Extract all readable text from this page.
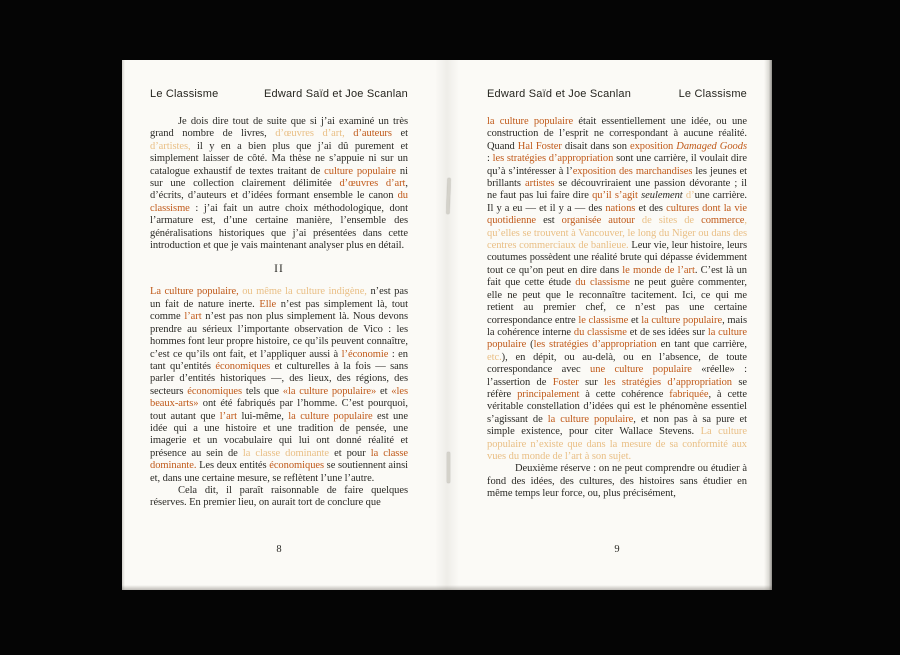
Le Classisme	Edward Saïd et Joe Scanlan

Je dois dire tout de suite que si j’ai examiné un très grand nombre de livres, d’œuvres d’art, d’auteurs et d’artistes, il y en a bien plus que j’ai dû purement et simplement laisser de côté. Ma thèse ne s’appuie ni sur un catalogue exhaustif de textes traitant de culture populaire ni sur une collection clairement délimitée d’œuvres d’art, d’écrits, d’auteurs et d’idées formant ensemble le canon du classisme : j’ai fait un autre choix méthodologique, dont l’armature est, d’une certaine manière, l’ensemble des généralisations historiques que j’ai présentées dans cette introduction et que je vais maintenant analyser plus en détail.

II

La culture populaire, ou même la culture indigène, n’est pas un fait de nature inerte. Elle n’est pas simplement là, tout comme l’art n’est pas non plus simplement là. Nous devons prendre au sérieux l’importante observation de Vico : les hommes font leur propre histoire, ce qu’ils peuvent connaître, c’est ce qu’ils ont fait, et l’appliquer aussi à l’économie : en tant qu’entités économiques et culturelles à la fois — sans parler d’entités historiques —, des lieux, des régions, des secteurs économiques tels que «la culture populaire» et «les beaux-arts» ont été fabriqués par l’homme. C’est pourquoi, tout autant que l’art lui-même, la culture populaire est une idée qui a une histoire et une tradition de pensée, une imagerie et un vocabulaire qui lui ont donné réalité et présence au sein de la classe dominante et pour la classe dominante. Les deux entités économiques se soutiennent ainsi et, dans une certaine mesure, se reflètent l’une l’autre.

Cela dit, il paraît raisonnable de faire quelques réserves. En premier lieu, on aurait tort de conclure que

8
Edward Saïd et Joe Scanlan	Le Classisme

la culture populaire était essentiellement une idée, ou une construction de l’esprit ne correspondant à aucune réalité. Quand Hal Foster disait dans son exposition Damaged Goods : les stratégies d’appropriation sont une carrière, il voulait dire qu’à s’intéresser à l’exposition des marchandises les jeunes et brillants artistes se découvriraient une passion dévorante ; il ne faut pas lui faire dire qu’il s’agit seulement d’une carrière. Il y a eu — et il y a — des nations et des cultures dont la vie quotidienne est organisée autour de sites de commerce, qu’elles se trouvent à Vancouver, le long du Niger ou dans des centres commerciaux de banlieue. Leur vie, leur histoire, leurs coutumes possèdent une réalité brute qui dépasse évidemment tout ce qu’on peut en dire dans le monde de l’art. C’est là un fait que cette étude du classisme ne peut guère commenter, elle ne peut que le reconnaître tacitement. Ici, ce qui me retient au premier chef, ce n’est pas une certaine correspondance entre le classisme et la culture populaire, mais la cohérence interne du classisme et de ses idées sur la culture populaire (les stratégies d’appropriation en tant que carrière, etc.), en dépit, ou au-delà, ou en l’absence, de toute correspondance avec une culture populaire «réelle» : l’assertion de Foster sur les stratégies d’appropriation se réfère principalement à cette cohérence fabriquée, à cette véritable constellation d’idées qui est le phénomène essentiel s’agissant de la culture populaire, et non pas à sa pure et simple existence, pour citer Wallace Stevens. La culture populaire n’existe que dans la mesure de sa conformité aux vues du monde de l’art à son sujet.

Deuxième réserve : on ne peut comprendre ou étudier à fond des idées, des cultures, des histoires sans étudier en même temps leur force, ou, plus précisément,

9
